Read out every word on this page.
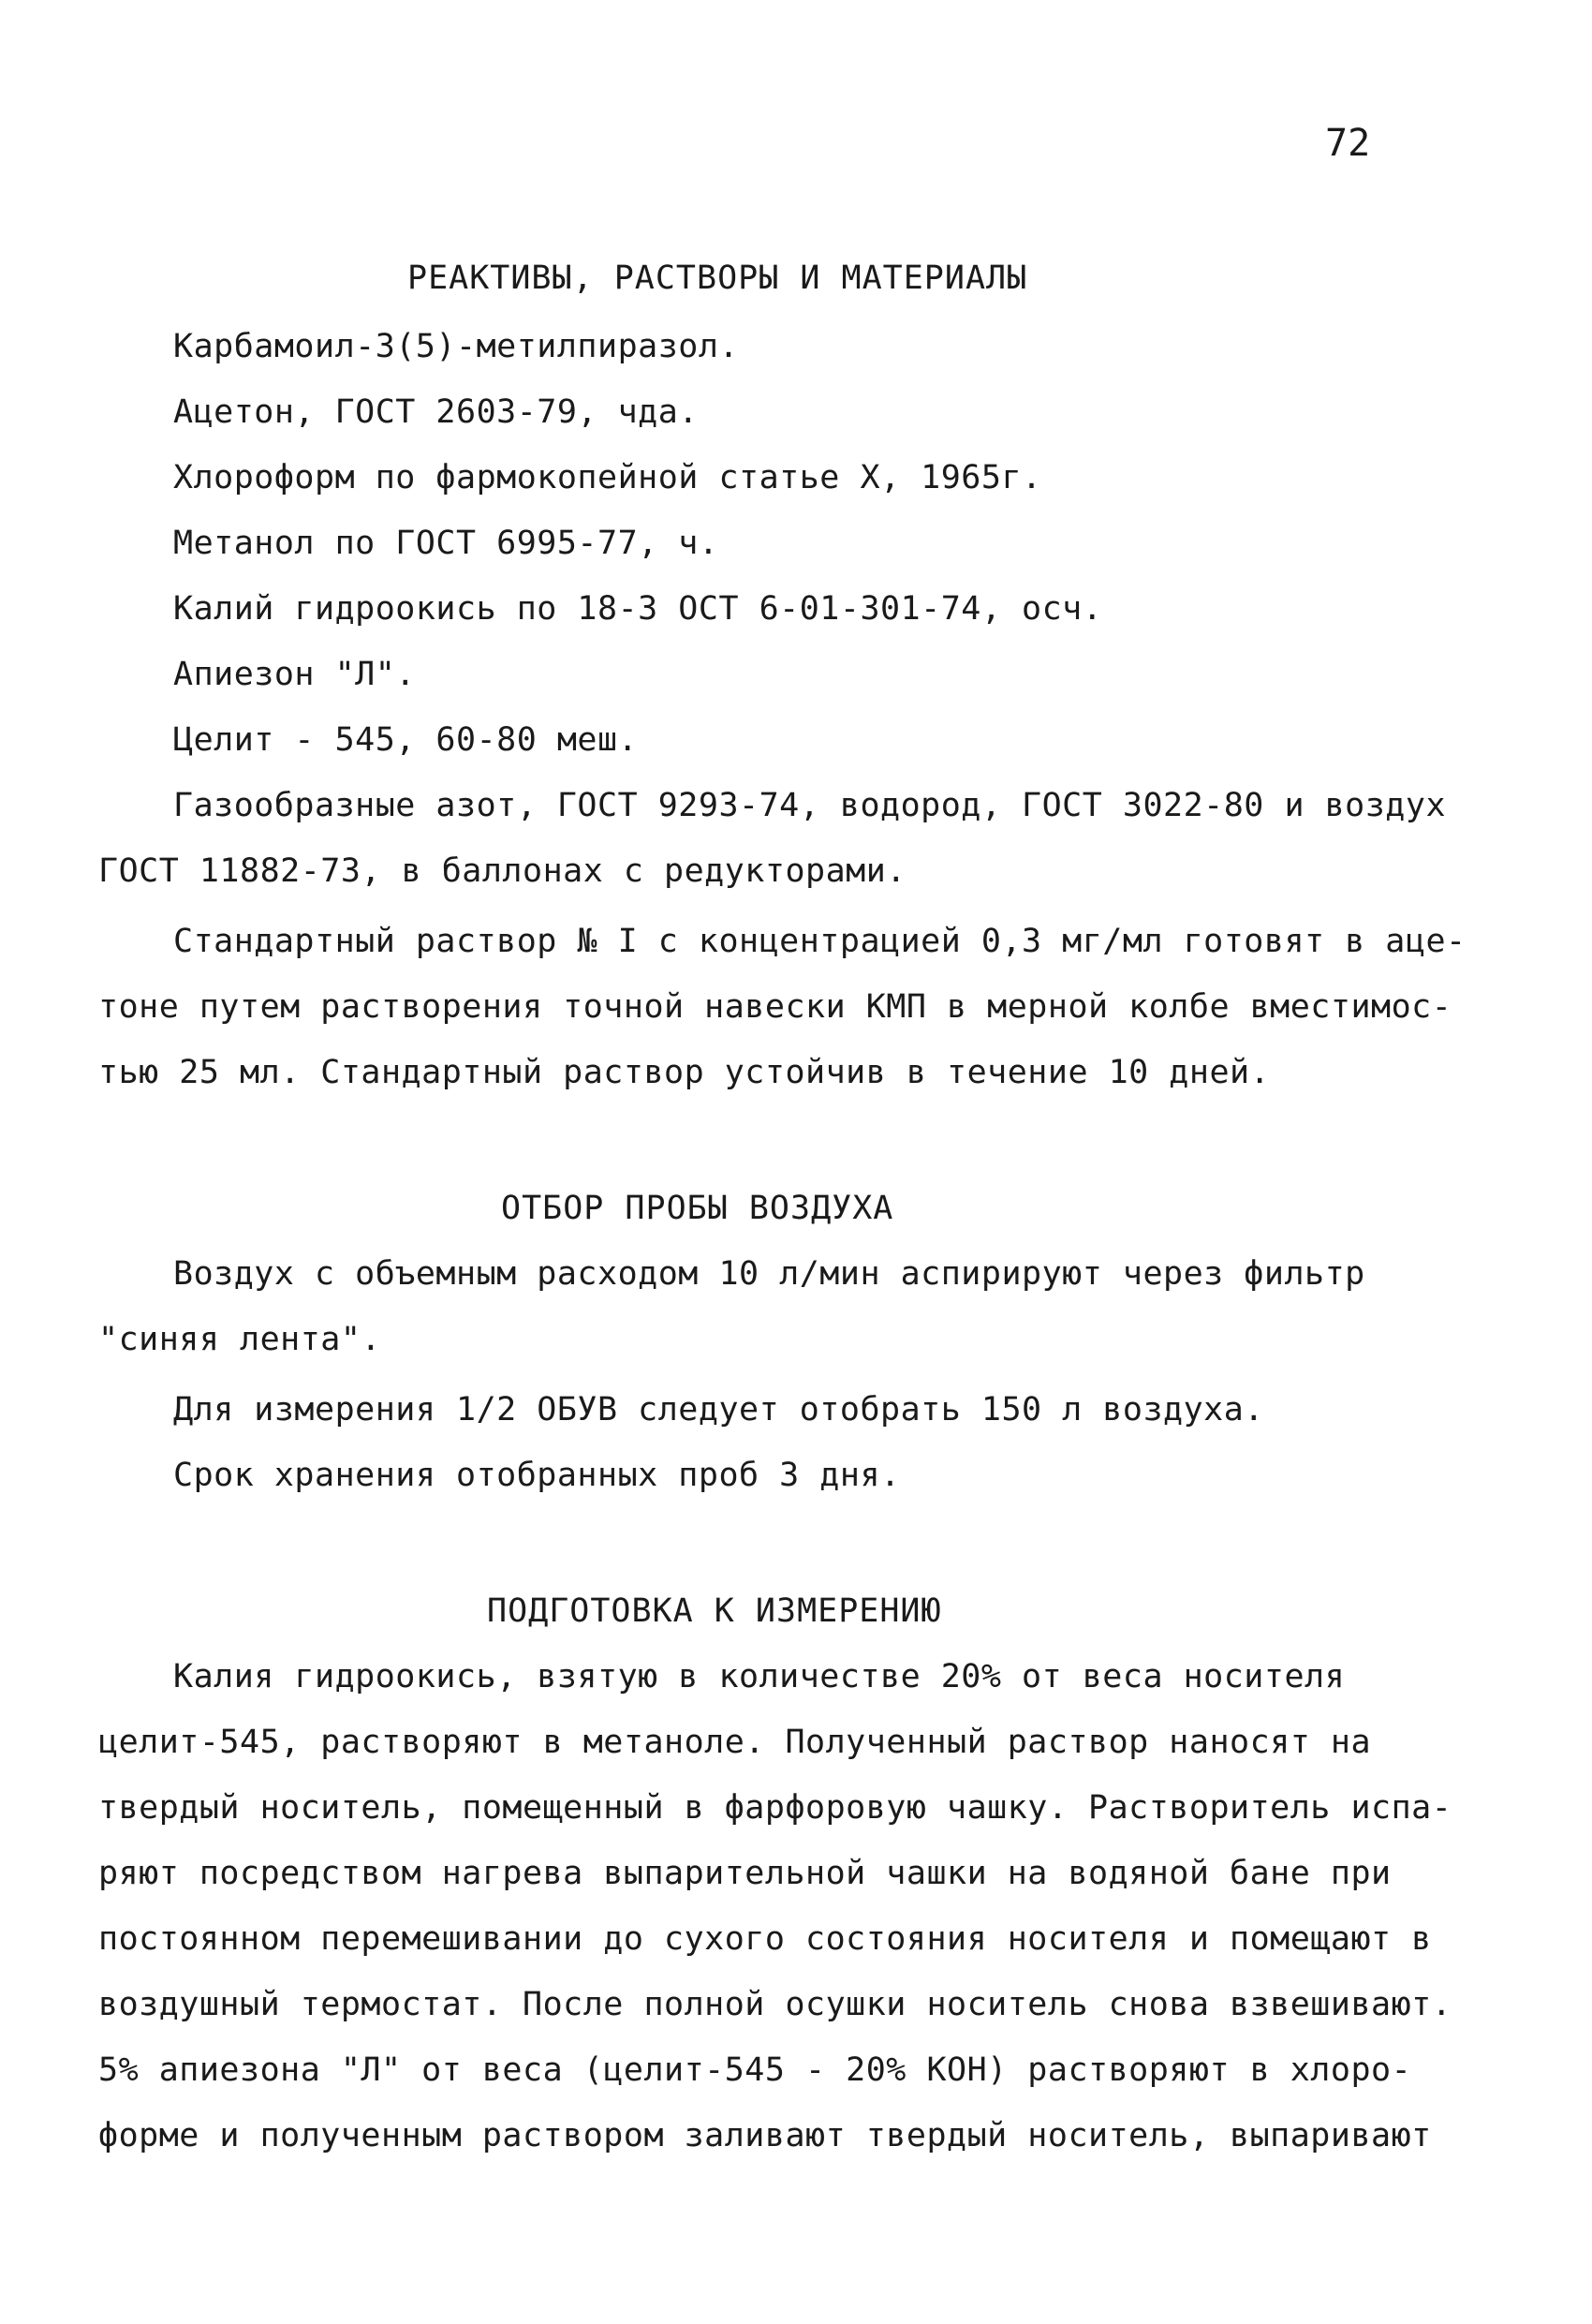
72
РЕАКТИВЫ, РАСТВОРЫ И МАТЕРИАЛЫ
Карбамоил-3(5)-метилпиразол.
Ацетон, ГОСТ 2603-79, чда.
Хлороформ по фармокопейной статье X, 1965г.
Метанол по ГОСТ 6995-77, ч.
Калий гидроокись по 18-3 ОСТ 6-01-301-74, осч.
Апиезон "Л".
Целит - 545, 60-80 меш.
Газообразные азот, ГОСТ 9293-74, водород, ГОСТ 3022-80 и воздух
ГОСТ 11882-73, в баллонах с редукторами.
Стандартный раствор № I с концентрацией 0,3 мг/мл готовят в аце-
тоне путем растворения точной навески КМП в мерной колбе вместимос-
тью 25 мл. Стандартный раствор устойчив в течение 10 дней.
ОТБОР ПРОБЫ ВОЗДУХА
Воздух с объемным расходом 10 л/мин аспирируют через фильтр
"синяя лента".
Для измерения 1/2 ОБУВ следует отобрать 150 л воздуха.
Срок хранения отобранных проб 3 дня.
ПОДГОТОВКА К ИЗМЕРЕНИЮ
Калия гидроокись, взятую в количестве 20% от веса носителя
целит-545, растворяют в метаноле. Полученный раствор наносят на
твердый носитель, помещенный в фарфоровую чашку. Растворитель испа-
ряют посредством нагрева выпарительной чашки на водяной бане при
постоянном перемешивании до сухого состояния носителя и помещают в
воздушный термостат. После полной осушки носитель снова взвешивают.
5% апиезона "Л" от веса (целит-545 - 20% КОН) растворяют в хлоро-
форме и полученным раствором заливают твердый носитель, выпаривают
